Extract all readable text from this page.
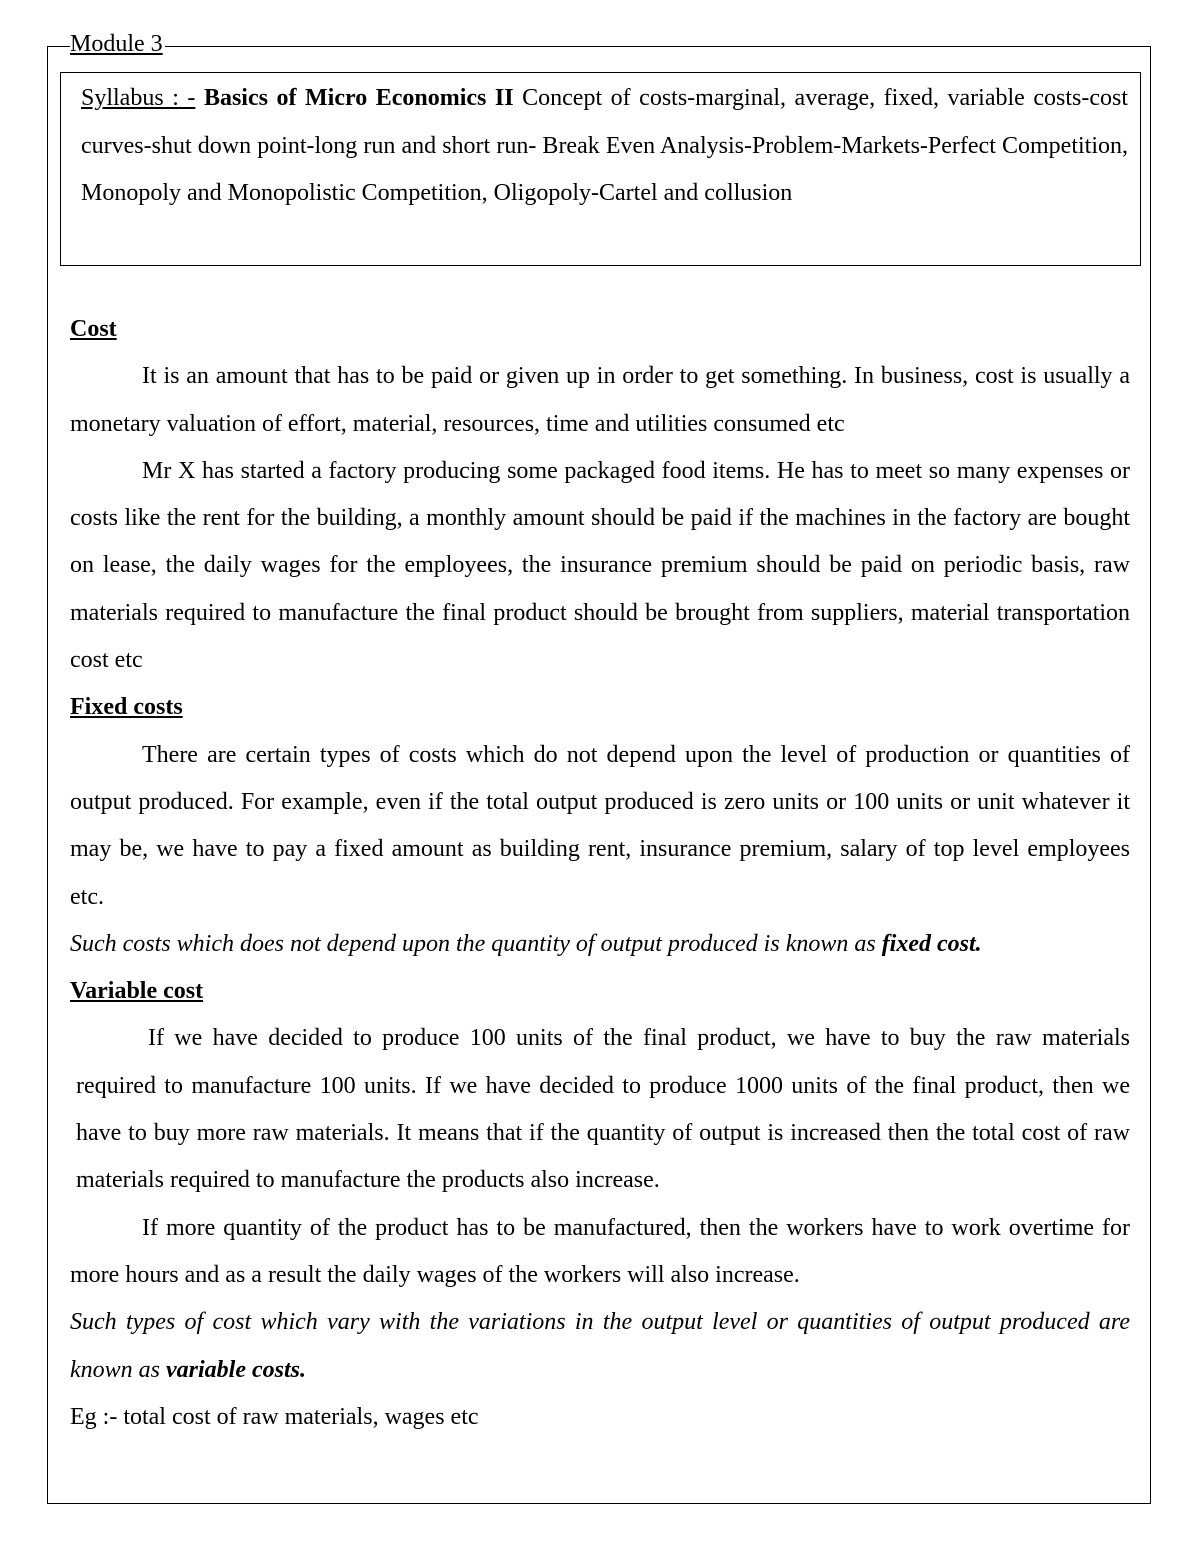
Module 3
Syllabus : - Basics of Micro Economics II Concept of costs-marginal, average, fixed, variable costs-cost curves-shut down point-long run and short run- Break Even Analysis-Problem-Markets-Perfect Competition, Monopoly and Monopolistic Competition, Oligopoly-Cartel and collusion

Cost

It is an amount that has to be paid or given up in order to get something. In business, cost is usually a monetary valuation of effort, material, resources, time and utilities consumed etc

Mr X has started a factory producing some packaged food items. He has to meet so many expenses or costs like the rent for the building, a monthly amount should be paid if the machines in the factory are bought on lease, the daily wages for the employees, the insurance premium should be paid on periodic basis, raw materials required to manufacture the final product should be brought from suppliers, material transportation cost etc

Fixed costs

There are certain types of costs which do not depend upon the level of production or quantities of output produced. For example, even if the total output produced is zero units or 100 units or unit whatever it may be, we have to pay a fixed amount as building rent, insurance premium, salary of top level employees etc.

Such costs which does not depend upon the quantity of output produced is known as fixed cost.

Variable cost

If we have decided to produce 100 units of the final product, we have to buy the raw materials required to manufacture 100 units. If we have decided to produce 1000 units of the final product, then we have to buy more raw materials. It means that if the quantity of output is increased then the total cost of raw materials required to manufacture the products also increase.

If more quantity of the product has to be manufactured, then the workers have to work overtime for more hours and as a result the daily wages of the workers will also increase.

Such types of cost which vary with the variations in the output level or quantities of output produced are known as variable costs.

Eg :- total cost of raw materials, wages etc
